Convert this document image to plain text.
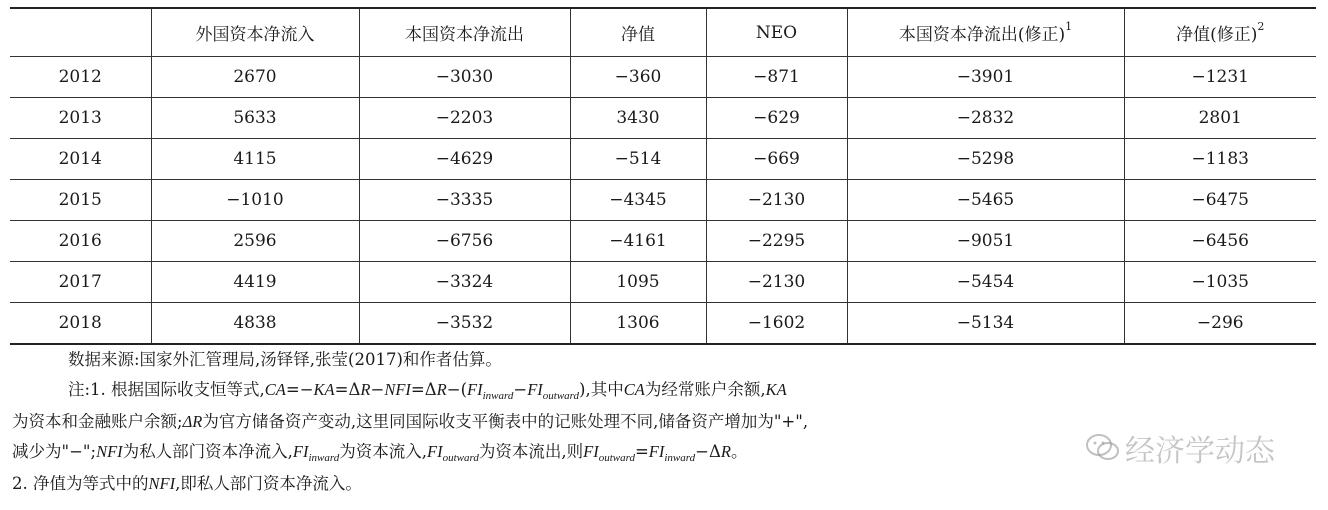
	外国资本净流入	本国资本净流出	净值	NEO	本国资本净流出(修正)$^1$	净值(修正)$^2$
2012	2670	−3030	−360	−871	−3901	−1231
2013	5633	−2203	3430	−629	−2832	2801
2014	4115	−4629	−514	−669	−5298	−1183
2015	−1010	−3335	−4345	−2130	−5465	−6475
2016	2596	−6756	−4161	−2295	−9051	−6456
2017	4419	−3324	1095	−2130	−5454	−1035
2018	4838	−3532	1306	−1602	−5134	−296

数据来源:国家外汇管理局,汤铎铎,张莹(2017)和作者估算。

注:1. 根据国际收支恒等式$,CA=-KA=\Delta R-NFI=\Delta R-(FI_{inward}-FI_{outward})$,其中CA为经常账户余额,KA

为资本和金融账户余额;ΔR为官方储备资产变动,这里同国际收支平衡表中的记账处理不同,储备资产增加为"+",

减少为"−";NFI为私人部门资本净流入$,FI_{inward}$为资本流入$,FI_{outward}$为资本流出,则$FI_{outward}=FI_{inward}-\Delta R$。

2. 净值为等式中的NFI,即私人部门资本净流入。

经济学动态
